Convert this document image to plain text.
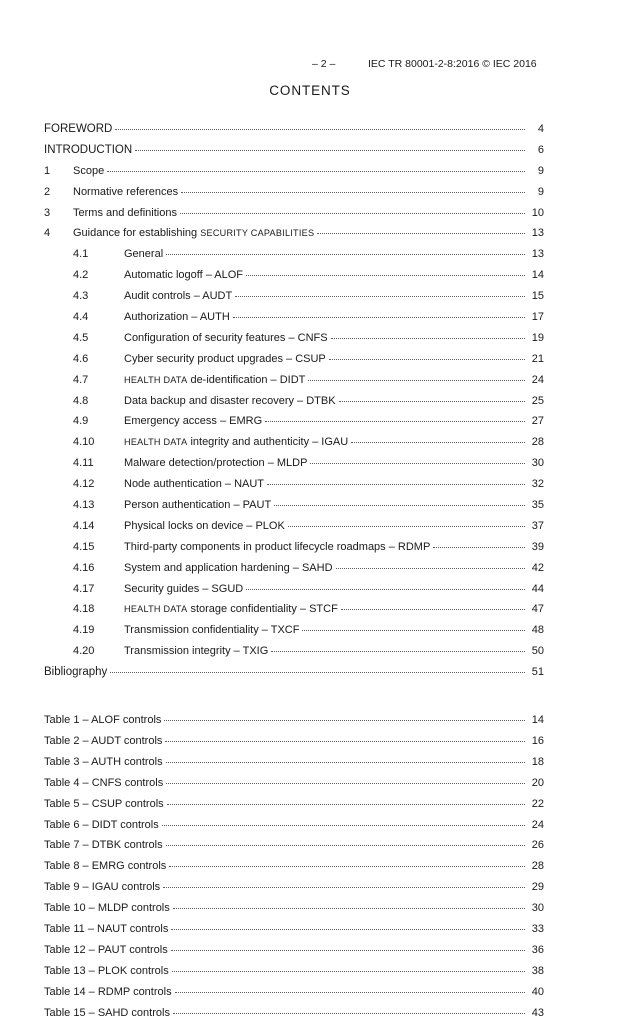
– 2 –	IEC TR 80001-2-8:2016 © IEC 2016
CONTENTS
FOREWORD	4
INTRODUCTION	6
1	Scope	9
2	Normative references	9
3	Terms and definitions	10
4	Guidance for establishing SECURITY CAPABILITIES	13
4.1	General	13
4.2	Automatic logoff – ALOF	14
4.3	Audit controls – AUDT	15
4.4	Authorization – AUTH	17
4.5	Configuration of security features – CNFS	19
4.6	Cyber security product upgrades – CSUP	21
4.7	HEALTH DATA de-identification – DIDT	24
4.8	Data backup and disaster recovery – DTBK	25
4.9	Emergency access – EMRG	27
4.10	HEALTH DATA integrity and authenticity – IGAU	28
4.11	Malware detection/protection – MLDP	30
4.12	Node authentication – NAUT	32
4.13	Person authentication – PAUT	35
4.14	Physical locks on device – PLOK	37
4.15	Third-party components in product lifecycle roadmaps – RDMP	39
4.16	System and application hardening – SAHD	42
4.17	Security guides – SGUD	44
4.18	HEALTH DATA storage confidentiality – STCF	47
4.19	Transmission confidentiality – TXCF	48
4.20	Transmission integrity – TXIG	50
Bibliography	51
Table 1 – ALOF controls	14
Table 2 – AUDT controls	16
Table 3 – AUTH controls	18
Table 4 – CNFS controls	20
Table 5 – CSUP controls	22
Table 6 – DIDT controls	24
Table 7 – DTBK controls	26
Table 8 – EMRG controls	28
Table 9 – IGAU controls	29
Table 10 – MLDP controls	30
Table 11 – NAUT controls	33
Table 12 – PAUT controls	36
Table 13 – PLOK controls	38
Table 14 – RDMP controls	40
Table 15 – SAHD controls	43
